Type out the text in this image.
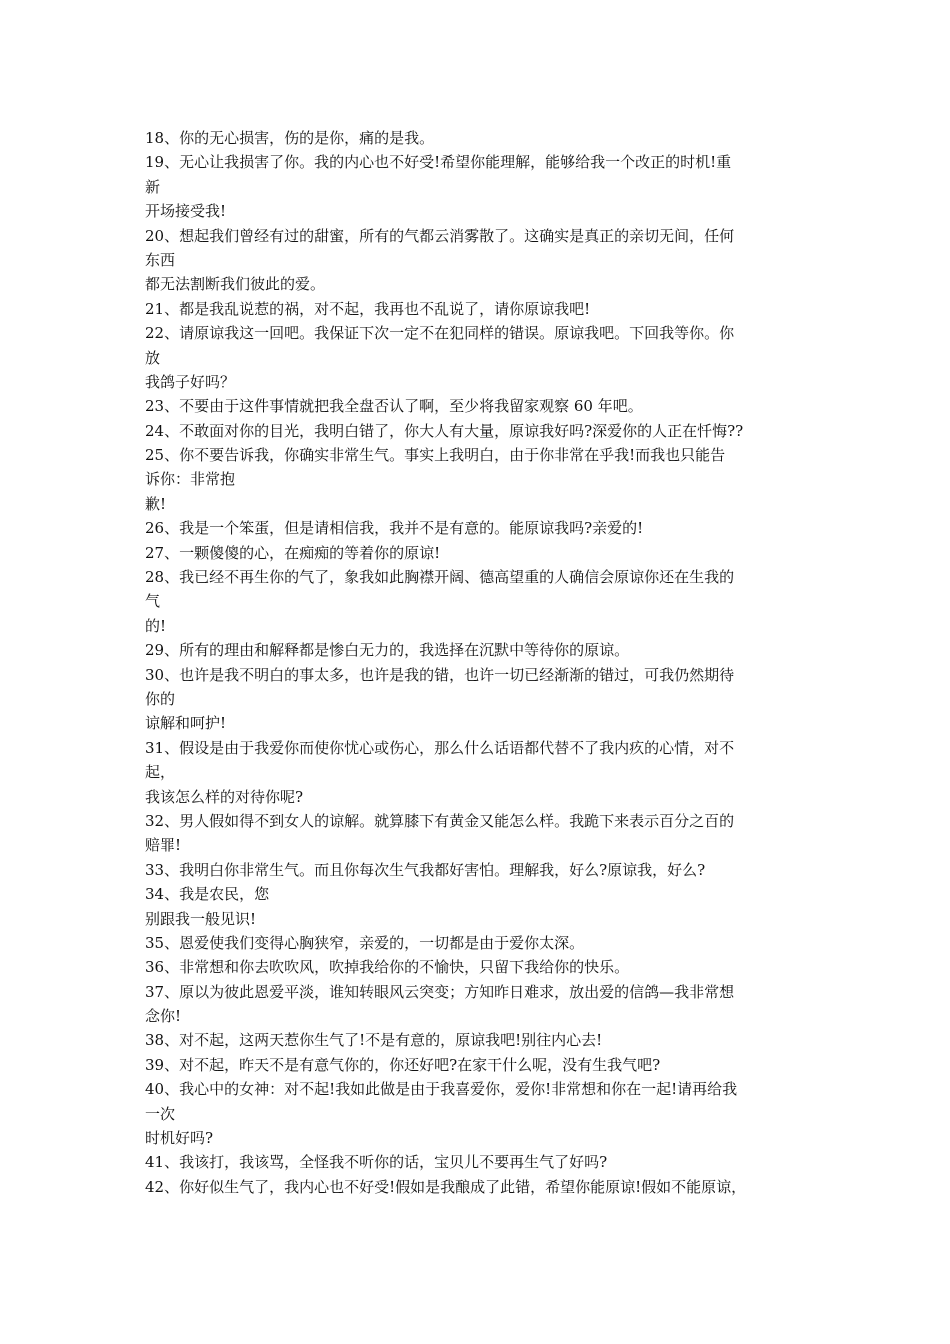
18、你的无心损害，伤的是你，痛的是我。
19、无心让我损害了你。我的内心也不好受!希望你能理解，能够给我一个改正的时机!重
新
开场接受我!
20、想起我们曾经有过的甜蜜，所有的气都云消雾散了。这确实是真正的亲切无间，任何
东西
都无法割断我们彼此的爱。
21、都是我乱说惹的祸，对不起，我再也不乱说了，请你原谅我吧!
22、请原谅我这一回吧。我保证下次一定不在犯同样的错误。原谅我吧。下回我等你。你
放
我鸽子好吗？
23、不要由于这件事情就把我全盘否认了啊，至少将我留家观察 60 年吧。
24、不敢面对你的目光，我明白错了，你大人有大量，原谅我好吗?深爱你的人正在忏悔??
25、你不要告诉我，你确实非常生气。事实上我明白，由于你非常在乎我!而我也只能告
诉你：非常抱
歉!
26、我是一个笨蛋，但是请相信我，我并不是有意的。能原谅我吗?亲爱的!
27、一颗傻傻的心，在痴痴的等着你的原谅!
28、我已经不再生你的气了，象我如此胸襟开阔、德高望重的人确信会原谅你还在生我的
气
的!
29、所有的理由和解释都是惨白无力的，我选择在沉默中等待你的原谅。
30、也许是我不明白的事太多，也许是我的错，也许一切已经渐渐的错过，可我仍然期待
你的
谅解和呵护!
31、假设是由于我爱你而使你忧心或伤心，那么什么话语都代替不了我内疚的心情，对不
起，
我该怎么样的对待你呢?
32、男人假如得不到女人的谅解。就算膝下有黄金又能怎么样。我跪下来表示百分之百的
赔罪!
33、我明白你非常生气。而且你每次生气我都好害怕。理解我，好么?原谅我，好么?
34、我是农民，您
别跟我一般见识!
35、恩爱使我们变得心胸狭窄，亲爱的，一切都是由于爱你太深。
36、非常想和你去吹吹风，吹掉我给你的不愉快，只留下我给你的快乐。
37、原以为彼此恩爱平淡，谁知转眼风云突变；方知昨日难求，放出爱的信鸽—我非常想
念你!
38、对不起，这两天惹你生气了!不是有意的，原谅我吧!别往内心去!
39、对不起，昨天不是有意气你的，你还好吧?在家干什么呢，没有生我气吧?
40、我心中的女神：对不起!我如此做是由于我喜爱你，爱你!非常想和你在一起!请再给我
一次
时机好吗?
41、我该打，我该骂，全怪我不听你的话，宝贝儿不要再生气了好吗?
42、你好似生气了，我内心也不好受!假如是我酿成了此错，希望你能原谅!假如不能原谅，
